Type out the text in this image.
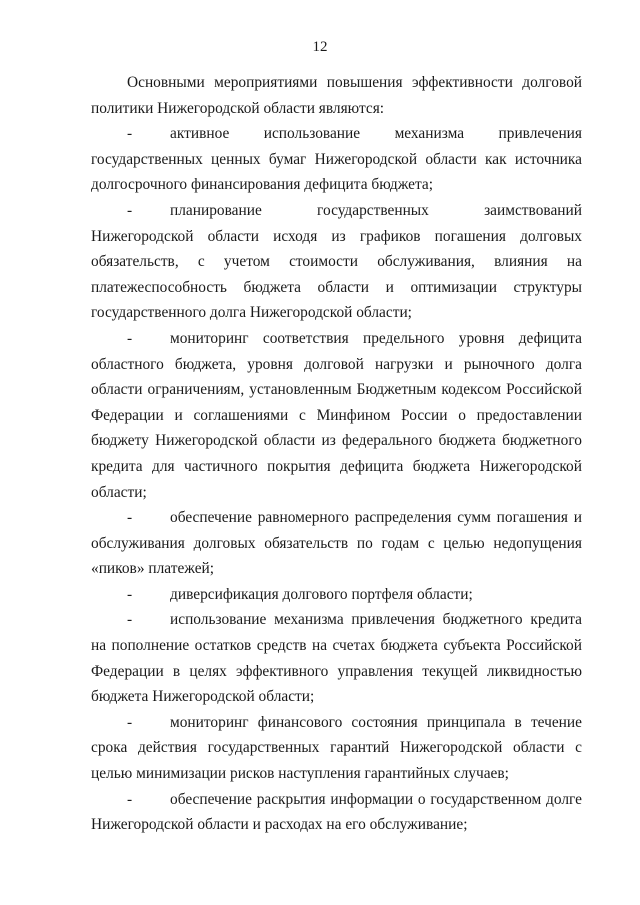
12

Основными мероприятиями повышения эффективности долговой политики Нижегородской области являются:

- активное использование механизма привлечения государственных ценных бумаг Нижегородской области как источника долгосрочного финансирования дефицита бюджета;

- планирование государственных заимствований Нижегородской области исходя из графиков погашения долговых обязательств, с учетом стоимости обслуживания, влияния на платежеспособность бюджета области и оптимизации структуры государственного долга Нижегородской области;

- мониторинг соответствия предельного уровня дефицита областного бюджета, уровня долговой нагрузки и рыночного долга области ограничениям, установленным Бюджетным кодексом Российской Федерации и соглашениями с Минфином России о предоставлении бюджету Нижегородской области из федерального бюджета бюджетного кредита для частичного покрытия дефицита бюджета Нижегородской области;

- обеспечение равномерного распределения сумм погашения и обслуживания долговых обязательств по годам с целью недопущения «пиков» платежей;

- диверсификация долгового портфеля области;

- использование механизма привлечения бюджетного кредита на пополнение остатков средств на счетах бюджета субъекта Российской Федерации в целях эффективного управления текущей ликвидностью бюджета Нижегородской области;

- мониторинг финансового состояния принципала в течение срока действия государственных гарантий Нижегородской области с целью минимизации рисков наступления гарантийных случаев;

- обеспечение раскрытия информации о государственном долге Нижегородской области и расходах на его обслуживание;
